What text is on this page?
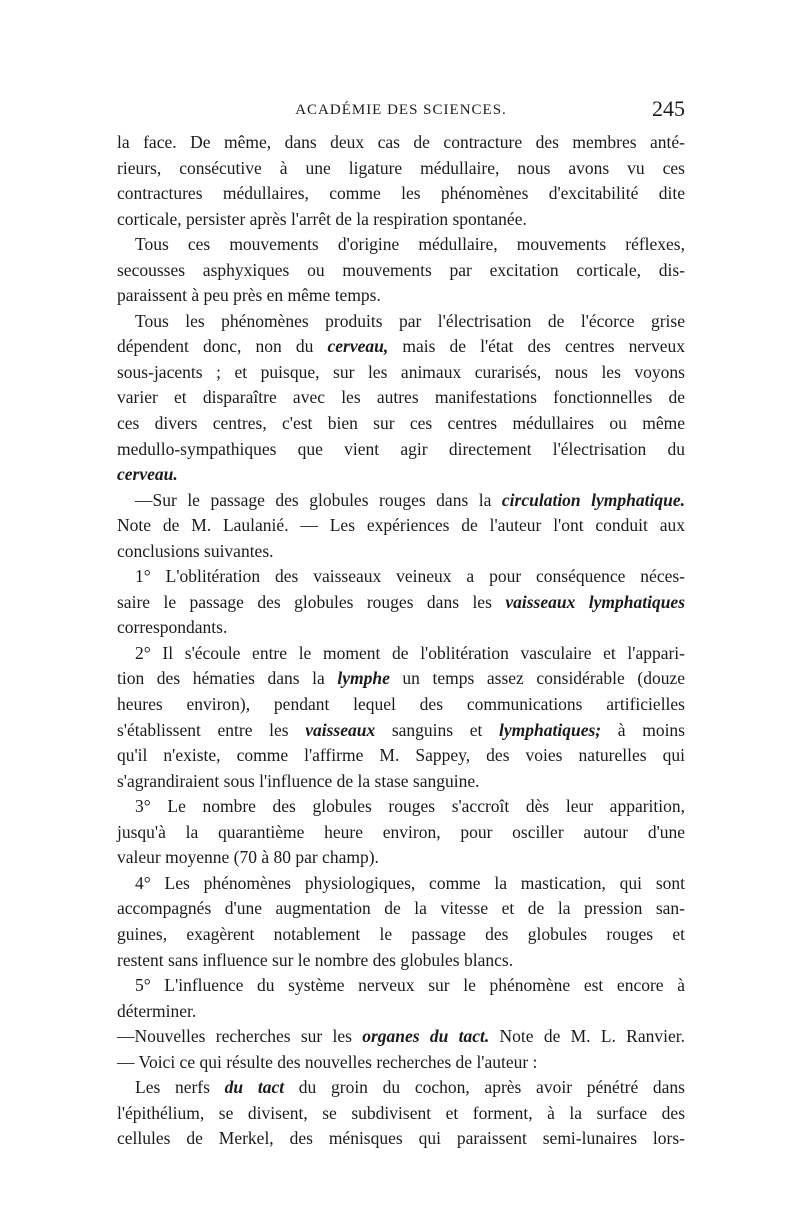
ACADÉMIE DES SCIENCES.	245
la face. De même, dans deux cas de contracture des membres anté-
rieurs, consécutive à une ligature médullaire, nous avons vu ces
contractures médullaires, comme les phénomènes d'excitabilité dite
corticale, persister après l'arrêt de la respiration spontanée.
Tous ces mouvements d'origine médullaire, mouvements réflexes,
secousses asphyxiques ou mouvements par excitation corticale, dis-
paraissent à peu près en même temps.
Tous les phénomènes produits par l'électrisation de l'écorce grise
dépendent donc, non du cerveau, mais de l'état des centres nerveux
sous-jacents ; et puisque, sur les animaux curarisés, nous les voyons
varier et disparaître avec les autres manifestations fonctionnelles de
ces divers centres, c'est bien sur ces centres médullaires ou même
medullo-sympathiques que vient agir directement l'électrisation du
cerveau.
—Sur le passage des globules rouges dans la circulation lymphatique.
Note de M. Laulanié. — Les expériences de l'auteur l'ont conduit aux
conclusions suivantes.
1° L'oblitération des vaisseaux veineux a pour conséquence néces-
saire le passage des globules rouges dans les vaisseaux lymphatiques
correspondants.
2° Il s'écoule entre le moment de l'oblitération vasculaire et l'appari-
tion des hématies dans la lymphe un temps assez considérable (douze
heures environ), pendant lequel des communications artificielles
s'établissent entre les vaisseaux sanguins et lymphatiques; à moins
qu'il n'existe, comme l'affirme M. Sappey, des voies naturelles qui
s'agrandiraient sous l'influence de la stase sanguine.
3° Le nombre des globules rouges s'accroît dès leur apparition,
jusqu'à la quarantième heure environ, pour osciller autour d'une
valeur moyenne (70 à 80 par champ).
4° Les phénomènes physiologiques, comme la mastication, qui sont
accompagnés d'une augmentation de la vitesse et de la pression san-
guines, exagèrent notablement le passage des globules rouges et
restent sans influence sur le nombre des globules blancs.
5° L'influence du système nerveux sur le phénomène est encore à
déterminer.
—Nouvelles recherches sur les organes du tact. Note de M. L. Ranvier.
— Voici ce qui résulte des nouvelles recherches de l'auteur :
Les nerfs du tact du groin du cochon, après avoir pénétré dans
l'épithélium, se divisent, se subdivisent et forment, à la surface des
cellules de Merkel, des ménisques qui paraissent semi-lunaires lors-
